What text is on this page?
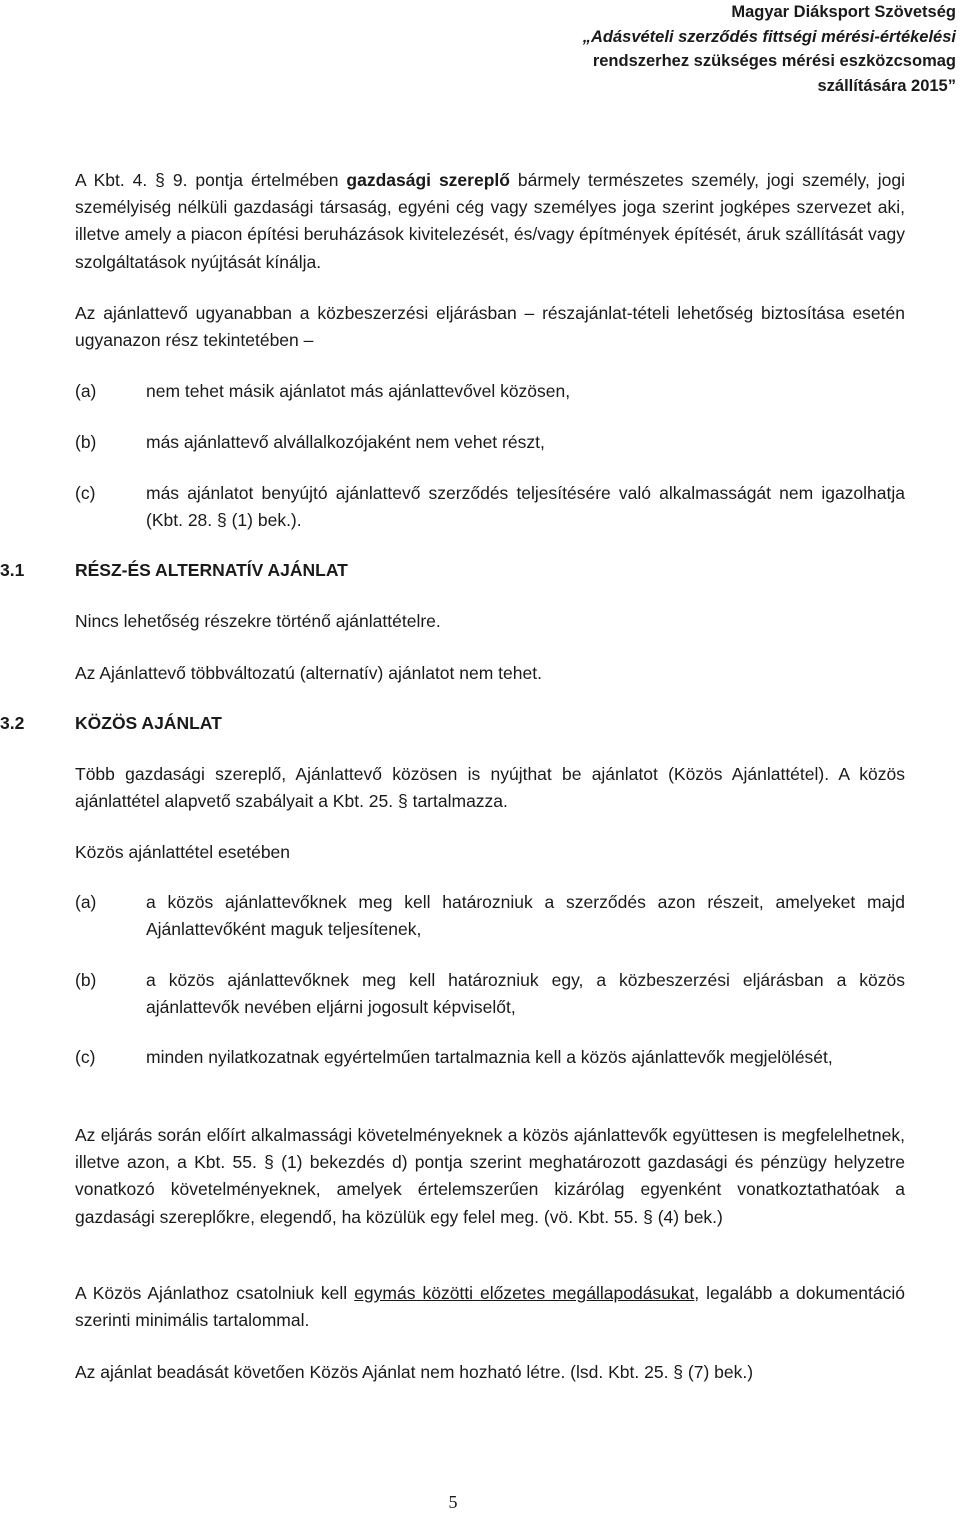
Magyar Diáksport Szövetség
„Adásvételi szerződés fittségi mérési-értékelési
rendszerhez szükséges mérési eszközcsomag
szállítására 2015”
A Kbt. 4. § 9. pontja értelmében gazdasági szereplő bármely természetes személy, jogi személy, jogi személyiség nélküli gazdasági társaság, egyéni cég vagy személyes joga szerint jogképes szervezet aki, illetve amely a piacon építési beruházások kivitelezését, és/vagy építmények építését, áruk szállítását vagy szolgáltatások nyújtását kínálja.
Az ajánlattevő ugyanabban a közbeszerzési eljárásban – részajánlat-tételi lehetőség biztosítása esetén ugyanazon rész tekintetében –
(a)	nem tehet másik ajánlatot más ajánlattevővel közösen,
(b)	más ajánlattevő alvállalkozójaként nem vehet részt,
(c)	más ajánlatot benyújtó ajánlattevő szerződés teljesítésére való alkalmasságát nem igazolhatja (Kbt. 28. § (1) bek.).
3.1	RÉSZ-ÉS ALTERNATÍV AJÁNLAT
Nincs lehetőség részekre történő ajánlattételre.
Az Ajánlattevő többváltozatú (alternatív) ajánlatot nem tehet.
3.2	KÖZÖS AJÁNLAT
Több gazdasági szereplő, Ajánlattevő közösen is nyújthat be ajánlatot (Közös Ajánlattétel). A közös ajánlattétel alapvető szabályait a Kbt. 25. § tartalmazza.
Közös ajánlattétel esetében
(a)	a közös ajánlattevőknek meg kell határozniuk a szerződés azon részeit, amelyeket majd Ajánlattevőként maguk teljesítenek,
(b)	a közös ajánlattevőknek meg kell határozniuk egy, a közbeszerzési eljárásban a közös ajánlattevők nevében eljárni jogosult képviselőt,
(c)	minden nyilatkozatnak egyértelműen tartalmaznia kell a közös ajánlattevők megjelölését,
Az eljárás során előírt alkalmassági követelményeknek a közös ajánlattevők együttesen is megfelelhetnek, illetve azon, a Kbt. 55. § (1) bekezdés d) pontja szerint meghatározott gazdasági és pénzügy helyzetre vonatkozó követelményeknek, amelyek értelemszerűen kizárólag egyenként vonatkoztathatóak a gazdasági szereplőkre, elegendő, ha közülük egy felel meg. (vö. Kbt. 55. § (4) bek.)
A Közös Ajánlathoz csatolniuk kell egymás közötti előzetes megállapodásukat, legalább a dokumentáció szerinti minimális tartalommal.
Az ajánlat beadását követően Közös Ajánlat nem hozható létre. (lsd. Kbt. 25. § (7) bek.)
5
